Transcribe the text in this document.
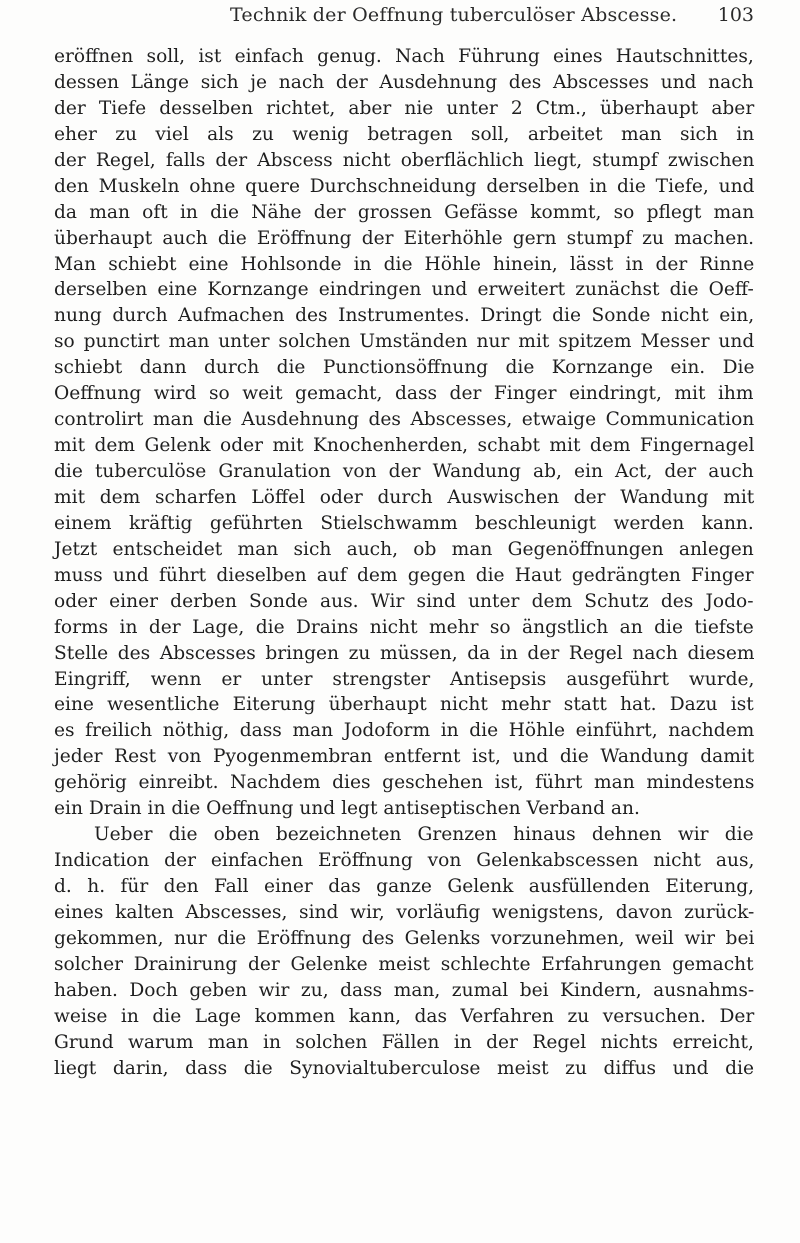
Technik der Oeffnung tuberculöser Abscesse. 103
eröffnen soll, ist einfach genug. Nach Führung eines Hautschnittes,
dessen Länge sich je nach der Ausdehnung des Abscesses und nach
der Tiefe desselben richtet, aber nie unter 2 Ctm., überhaupt aber
eher zu viel als zu wenig betragen soll, arbeitet man sich in
der Regel, falls der Abscess nicht oberflächlich liegt, stumpf zwischen
den Muskeln ohne quere Durchschneidung derselben in die Tiefe, und
da man oft in die Nähe der grossen Gefässe kommt, so pflegt man
überhaupt auch die Eröffnung der Eiterhöhle gern stumpf zu machen.
Man schiebt eine Hohlsonde in die Höhle hinein, lässt in der Rinne
derselben eine Kornzange eindringen und erweitert zunächst die Oeff-
nung durch Aufmachen des Instrumentes. Dringt die Sonde nicht ein,
so punctirt man unter solchen Umständen nur mit spitzem Messer und
schiebt dann durch die Punctionsöffnung die Kornzange ein. Die
Oeffnung wird so weit gemacht, dass der Finger eindringt, mit ihm
controlirt man die Ausdehnung des Abscesses, etwaige Communication
mit dem Gelenk oder mit Knochenherden, schabt mit dem Fingernagel
die tuberculöse Granulation von der Wandung ab, ein Act, der auch
mit dem scharfen Löffel oder durch Auswischen der Wandung mit
einem kräftig geführten Stielschwamm beschleunigt werden kann.
Jetzt entscheidet man sich auch, ob man Gegenöffnungen anlegen
muss und führt dieselben auf dem gegen die Haut gedrängten Finger
oder einer derben Sonde aus. Wir sind unter dem Schutz des Jodo-
forms in der Lage, die Drains nicht mehr so ängstlich an die tiefste
Stelle des Abscesses bringen zu müssen, da in der Regel nach diesem
Eingriff, wenn er unter strengster Antisepsis ausgeführt wurde,
eine wesentliche Eiterung überhaupt nicht mehr statt hat. Dazu ist
es freilich nöthig, dass man Jodoform in die Höhle einführt, nachdem
jeder Rest von Pyogenmembran entfernt ist, und die Wandung damit
gehörig einreibt. Nachdem dies geschehen ist, führt man mindestens
ein Drain in die Oeffnung und legt antiseptischen Verband an.
Ueber die oben bezeichneten Grenzen hinaus dehnen wir die
Indication der einfachen Eröffnung von Gelenkabscessen nicht aus,
d. h. für den Fall einer das ganze Gelenk ausfüllenden Eiterung,
eines kalten Abscesses, sind wir, vorläufig wenigstens, davon zurück-
gekommen, nur die Eröffnung des Gelenks vorzunehmen, weil wir bei
solcher Drainirung der Gelenke meist schlechte Erfahrungen gemacht
haben. Doch geben wir zu, dass man, zumal bei Kindern, ausnahms-
weise in die Lage kommen kann, das Verfahren zu versuchen. Der
Grund warum man in solchen Fällen in der Regel nichts erreicht,
liegt darin, dass die Synovialtuberculose meist zu diffus und die
